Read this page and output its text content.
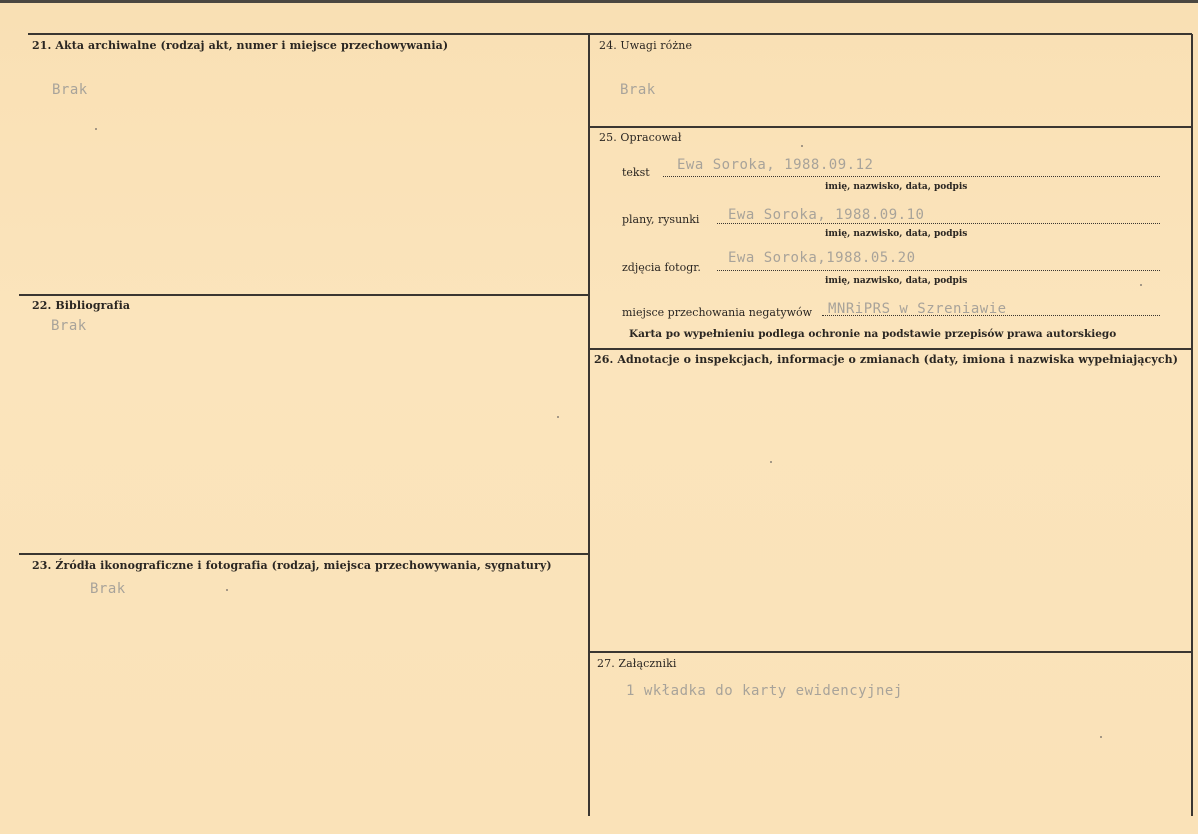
21. Akta archiwalne (rodzaj akt, numer i miejsce przechowywania)
Brak
22. Bibliografia
Brak
23. Źródła ikonograficzne i fotografia (rodzaj, miejsca przechowywania, sygnatury)
Brak
24. Uwagi różne
Brak
25. Opracował
tekst Ewa Soroka, 1988.09.12
imię, nazwisko, data, podpis
plany, rysunki Ewa Soroka, 1988.09.10
imię, nazwisko, data, podpis
zdjęcia fotogr.
Ewa Soroka,1988.05.20
imię, nazwisko, data, podpis
miejsce przechowania negatywów MNRiPRS w Szreniawie
Karta po wypełnieniu podlega ochronie na podstawie przepisów prawa autorskiego
26. Adnotacje o inspekcjach, informacje o zmianach (daty, imiona i nazwiska wypełniających)
27. Załączniki
1 wkładka do karty ewidencyjnej
